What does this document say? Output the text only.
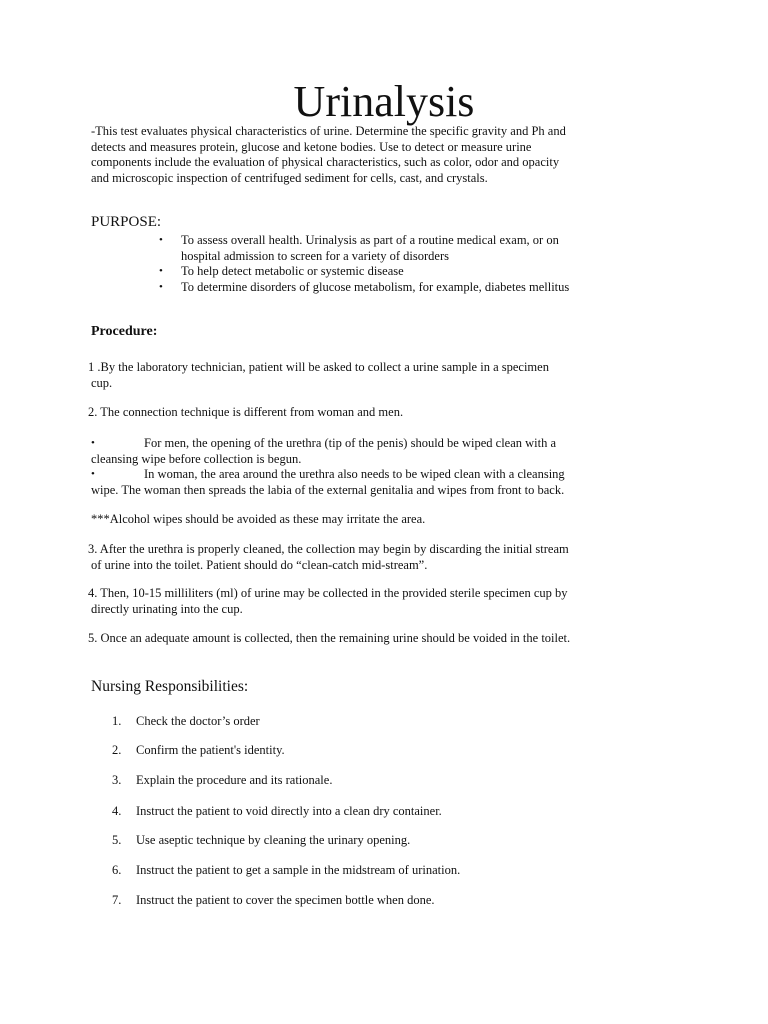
Urinalysis
-This test evaluates physical characteristics of urine. Determine the specific gravity and Ph and
detects and measures protein, glucose and ketone bodies. Use to detect or measure urine
components include the evaluation of physical characteristics, such as color, odor and opacity
and microscopic inspection of centrifuged sediment for cells, cast, and crystals.
PURPOSE:
• To assess overall health. Urinalysis as part of a routine medical exam, or on
hospital admission to screen for a variety of disorders
• To help detect metabolic or systemic disease
• To determine disorders of glucose metabolism, for example, diabetes mellitus
Procedure:
1 .By the laboratory technician, patient will be asked to collect a urine sample in a specimen
cup.
2. The connection technique is different from woman and men.
•	For men, the opening of the urethra (tip of the penis) should be wiped clean with a
cleansing wipe before collection is begun.
•	In woman, the area around the urethra also needs to be wiped clean with a cleansing
wipe. The woman then spreads the labia of the external genitalia and wipes from front to back.
***Alcohol wipes should be avoided as these may irritate the area.
3. After the urethra is properly cleaned, the collection may begin by discarding the initial stream
of urine into the toilet. Patient should do “clean-catch mid-stream”.
4. Then, 10-15 milliliters (ml) of urine may be collected in the provided sterile specimen cup by
directly urinating into the cup.
5. Once an adequate amount is collected, then the remaining urine should be voided in the toilet.
Nursing Responsibilities:
1. Check the doctor’s order
2. Confirm the patient's identity.
3. Explain the procedure and its rationale.
4. Instruct the patient to void directly into a clean dry container.
5. Use aseptic technique by cleaning the urinary opening.
6. Instruct the patient to get a sample in the midstream of urination.
7. Instruct the patient to cover the specimen bottle when done.
